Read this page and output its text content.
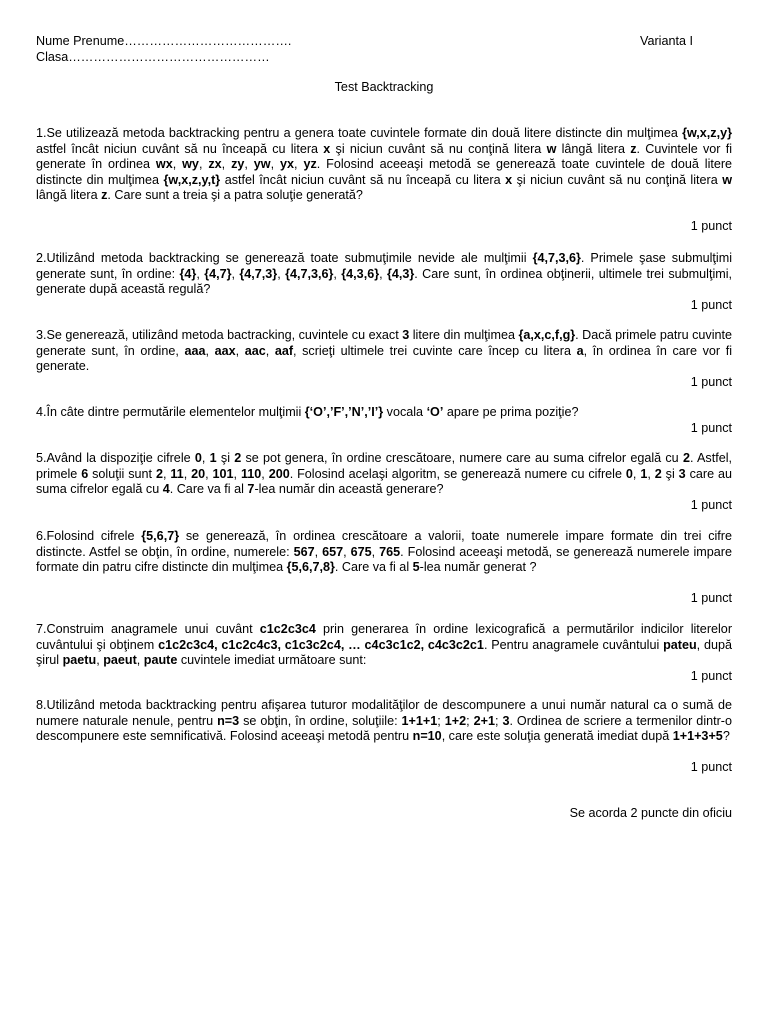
Nume Prenume………………………………….
Clasa…………………………………………
Varianta I
Test Backtracking

1.Se utilizează metoda backtracking pentru a genera toate cuvintele formate din două litere distincte din mulţimea {w,x,z,y} astfel încât niciun cuvânt să nu înceapă cu litera x şi niciun cuvânt să nu conţină litera w lângă litera z. Cuvintele vor fi generate în ordinea wx, wy, zx, zy, yw, yx, yz. Folosind aceeaşi metodă se generează toate cuvintele de două litere distincte din mulţimea {w,x,z,y,t} astfel încât niciun cuvânt să nu înceapă cu litera x şi niciun cuvânt să nu conţină litera w lângă litera z. Care sunt a treia şi a patra soluţie generată?

1 punct

2.Utilizând metoda backtracking se generează toate submuţimile nevide ale mulţimii {4,7,3,6}. Primele şase submulţimi generate sunt, în ordine: {4}, {4,7}, {4,7,3}, {4,7,3,6}, {4,3,6}, {4,3}. Care sunt, în ordinea obţinerii, ultimele trei submulţimi, generate după această regulă?

1 punct

3.Se generează, utilizând metoda bactracking, cuvintele cu exact 3 litere din mulţimea {a,x,c,f,g}. Dacă primele patru cuvinte generate sunt, în ordine, aaa, aax, aac, aaf, scrieţi ultimele trei cuvinte care încep cu litera a, în ordinea în care vor fi generate.

1 punct

4.În câte dintre permutările elementelor mulţimii {‘O’,’F’,’N’,’I’} vocala ‘O’ apare pe prima poziţie?

1 punct

5.Având la dispoziţie cifrele 0, 1 şi 2 se pot genera, în ordine crescătoare, numere care au suma cifrelor egală cu 2. Astfel, primele 6 soluţii sunt 2, 11, 20, 101, 110, 200. Folosind acelaşi algoritm, se generează numere cu cifrele 0, 1, 2 şi 3 care au suma cifrelor egală cu 4. Care va fi al 7-lea număr din această generare?

1 punct

6.Folosind cifrele {5,6,7} se generează, în ordinea crescătoare a valorii, toate numerele impare formate din trei cifre distincte. Astfel se obţin, în ordine, numerele: 567, 657, 675, 765. Folosind aceeaşi metodă, se generează numerele impare formate din patru cifre distincte din mulţimea {5,6,7,8}. Care va fi al 5-lea număr generat ?

1 punct

7.Construim anagramele unui cuvânt c1c2c3c4 prin generarea în ordine lexicografică a permutărilor indicilor literelor cuvântului şi obţinem c1c2c3c4, c1c2c4c3, c1c3c2c4, … c4c3c1c2, c4c3c2c1. Pentru anagramele cuvântului pateu, după şirul paetu, paeut, paute cuvintele imediat următoare sunt:

1 punct

8.Utilizând metoda backtracking pentru afişarea tuturor modalităţilor de descompunere a unui număr natural ca o sumă de numere naturale nenule, pentru n=3 se obţin, în ordine, soluţiile: 1+1+1; 1+2; 2+1; 3. Ordinea de scriere a termenilor dintr-o descompunere este semnificativă. Folosind aceeaşi metodă pentru n=10, care este soluţia generată imediat după 1+1+3+5?

1 punct
Se acorda 2 puncte din oficiu
